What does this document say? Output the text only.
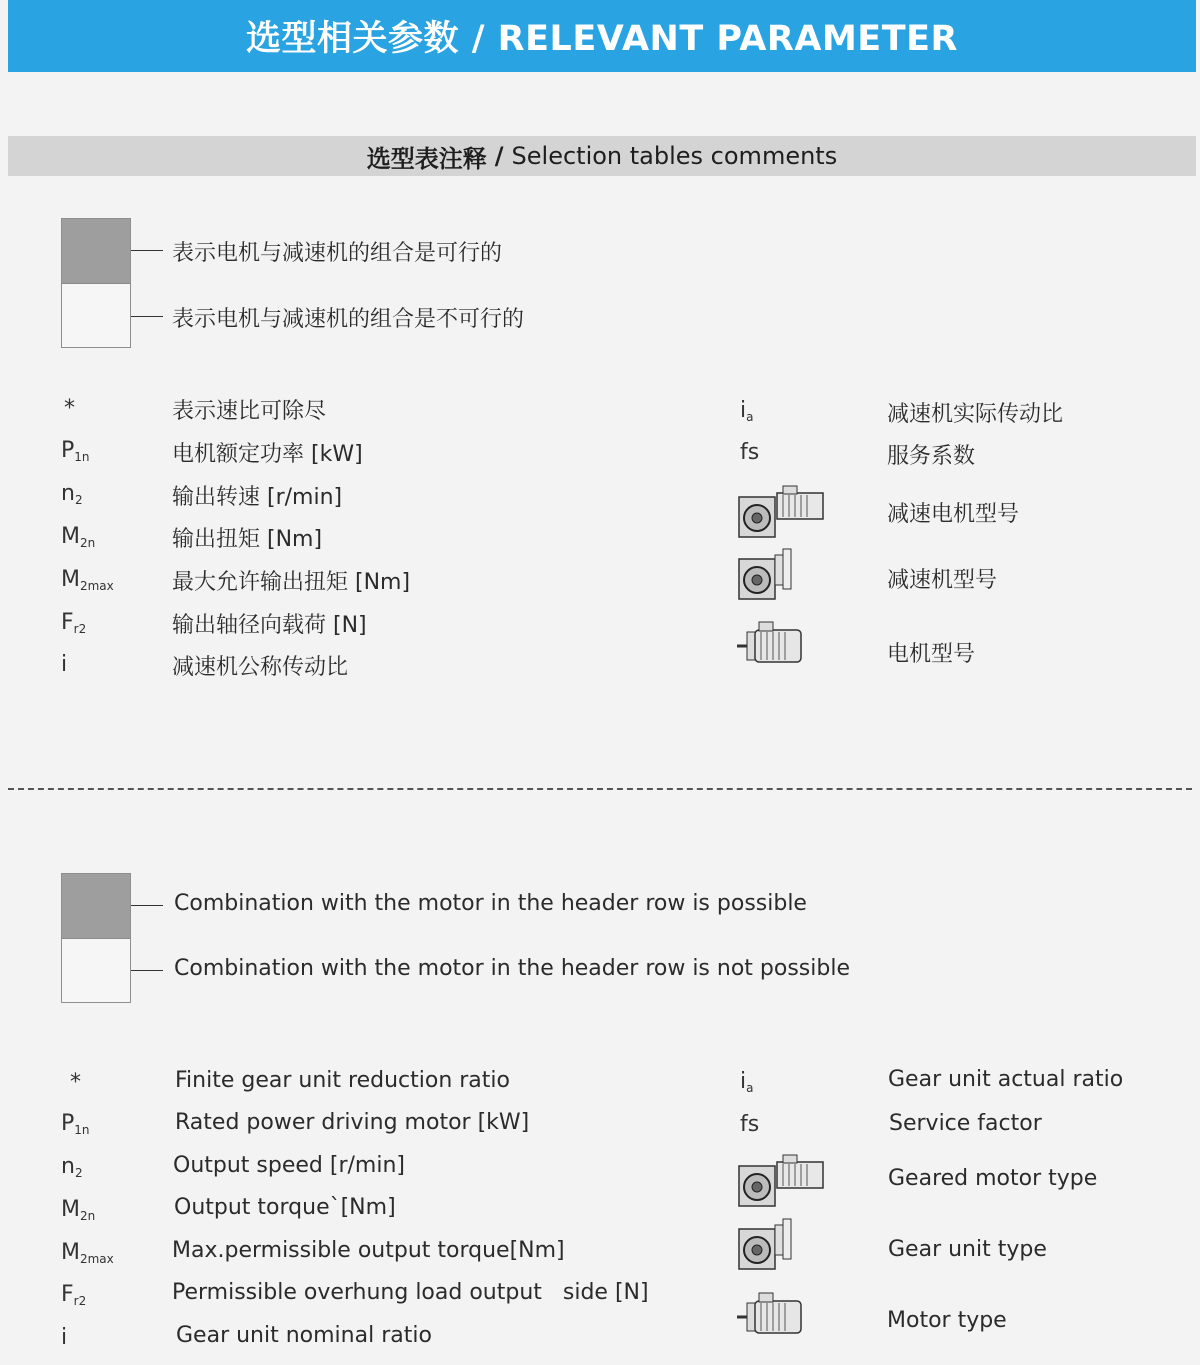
选型相关参数 / RELEVANT PARAMETER
选型表注释 / Selection tables comments
表示电机与减速机的组合是可行的
表示电机与减速机的组合是不可行的
*	表示速比可除尽
$P_{1n}$	电机额定功率 [kW]
$n_2$	输出转速 [r/min]
$M_{2n}$	输出扭矩 [Nm]
$M_{2max}$	最大允许输出扭矩 [Nm]
$F_{r2}$	输出轴径向载荷 [N]
i	减速机公称传动比
$i_a$	减速机实际传动比
fs	服务系数
减速电机型号
减速机型号
电机型号
Combination with the motor in the header row is possible
Combination with the motor in the header row is not possible
*	Finite gear unit reduction ratio
$P_{1n}$	Rated power driving motor [kW]
$n_2$	Output speed [r/min]
$M_{2n}$	Output torque`[Nm]
$M_{2max}$	Max.permissible output torque[Nm]
$F_{r2}$	Permissible overhung load output   side [N]
i	Gear unit nominal ratio
$i_a$	Gear unit actual ratio
fs	Service factor
Geared motor type
Gear unit type
Motor type
